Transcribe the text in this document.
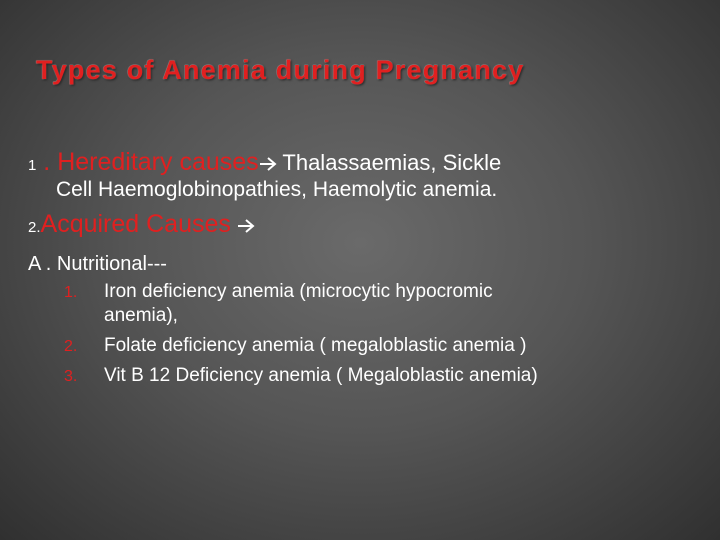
Types of Anemia during Pregnancy
1 . Hereditary causes Thalassaemias, Sickle
Cell Haemoglobinopathies, Haemolytic anemia.
2.Acquired Causes
A . Nutritional---
1. Iron deficiency anemia (microcytic hypocromic
anemia),
2. Folate deficiency anemia ( megaloblastic anemia )
3. Vit B 12 Deficiency anemia ( Megaloblastic anemia)
